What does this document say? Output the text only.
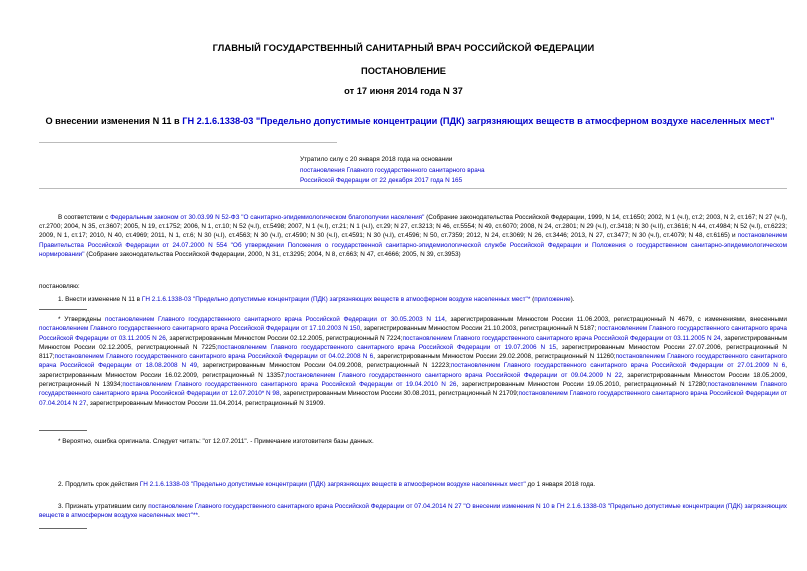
ГЛАВНЫЙ ГОСУДАРСТВЕННЫЙ САНИТАРНЫЙ ВРАЧ РОССИЙСКОЙ ФЕДЕРАЦИИ
ПОСТАНОВЛЕНИЕ
от 17 июня 2014 года N 37
О внесении изменения N 11 в ГН 2.1.6.1338-03 "Предельно допустимые концентрации (ПДК) загрязняющих веществ в атмосферном воздухе населенных мест"
Утратило силу с 20 января 2018 года на основании
постановления Главного государственного санитарного врача
Российской Федерации от 22 декабря 2017 года N 165
В соответствии с Федеральным законом от 30.03.99 N 52-ФЗ "О санитарно-эпидемиологическом благополучии населения" (Собрание законодательства Российской Федерации, 1999, N 14, ст.1650; 2002, N 1 (ч.I), ст.2; 2003, N 2, ст.167; N 27 (ч.I), ст.2700; 2004, N 35, ст.3607; 2005, N 19, ст.1752; 2006, N 1, ст.10; N 52 (ч.I), ст.5498; 2007, N 1 (ч.I), ст.21; N 1 (ч.I), ст.29; N 27, ст.3213; N 46, ст.5554; N 49, ст.6070; 2008, N 24, ст.2801; N 29 (ч.I), ст.3418; N 30 (ч.II), ст.3616; N 44, ст.4984; N 52 (ч.I), ст.6223; 2009, N 1, ст.17; 2010, N 40, ст.4969; 2011, N 1, ст.6; N 30 (ч.I), ст.4563; N 30 (ч.I), ст.4590; N 30 (ч.I), ст.4591; N 30 (ч.I), ст.4596; N 50, ст.7359; 2012, N 24, ст.3069; N 26, ст.3446; 2013, N 27, ст.3477; N 30 (ч.I), ст.4079; N 48, ст.6165) и постановлением Правительства Российской Федерации от 24.07.2000 N 554 "Об утверждении Положения о государственной санитарно-эпидемиологической службе Российской Федерации и Положения о государственном санитарно-эпидемиологическом нормировании" (Собрание законодательства Российской Федерации, 2000, N 31, ст.3295; 2004, N 8, ст.663; N 47, ст.4666; 2005, N 39, ст.3953)
постановляю:
1. Внести изменение N 11 в ГН 2.1.6.1338-03 "Предельно допустимые концентрации (ПДК) загрязняющих веществ в атмосферном воздухе населенных мест"* (приложение).
* Утверждены постановлением Главного государственного санитарного врача Российской Федерации от 30.05.2003 N 114, зарегистрированным Минюстом России 11.06.2003, регистрационный N 4679, с изменениями, внесенными постановлением Главного государственного санитарного врача Российской Федерации от 17.10.2003 N 150, зарегистрированным Минюстом России 21.10.2003, регистрационный N 5187; постановлением Главного государственного санитарного врача Российской Федерации от 03.11.2005 N 26, зарегистрированным Минюстом России 02.12.2005, регистрационный N 7224;постановлением Главного государственного санитарного врача Российской Федерации от 03.11.2005 N 24, зарегистрированным Минюстом России 02.12.2005, регистрационный N 7225;постановлением Главного государственного санитарного врача Российской Федерации от 19.07.2006 N 15, зарегистрированным Минюстом России 27.07.2006, регистрационный N 8117;постановлением Главного государственного санитарного врача Российской Федерации от 04.02.2008 N 6, зарегистрированным Минюстом России 29.02.2008, регистрационный N 11260;постановлением Главного государственного санитарного врача Российской Федерации от 18.08.2008 N 49, зарегистрированным Минюстом России 04.09.2008, регистрационный N 12223;постановлением Главного государственного санитарного врача Российской Федерации от 27.01.2009 N 6, зарегистрированным Минюстом России 16.02.2009, регистрационный N 13357;постановлением Главного государственного санитарного врача Российской Федерации от 09.04.2009 N 22, зарегистрированным Минюстом России 18.05.2009, регистрационный N 13934;постановлением Главного государственного санитарного врача Российской Федерации от 19.04.2010 N 26, зарегистрированным Минюстом России 19.05.2010, регистрационный N 17280;постановлением Главного государственного санитарного врача Российской Федерации от 12.07.2010* N 98, зарегистрированным Минюстом России 30.08.2011, регистрационный N 21709;постановлением Главного государственного санитарного врача Российской Федерации от 07.04.2014 N 27, зарегистрированным Минюстом России 11.04.2014, регистрационный N 31909.
* Вероятно, ошибка оригинала. Следует читать: "от 12.07.2011". - Примечание изготовителя базы данных.
2. Продлить срок действия ГН 2.1.6.1338-03 "Предельно допустимые концентрации (ПДК) загрязняющих веществ в атмосферном воздухе населенных мест" до 1 января 2018 года.
3. Признать утратившим силу постановление Главного государственного санитарного врача Российской Федерации от 07.04.2014 N 27 "О внесении изменения N 10 в ГН 2.1.6.1338-03 "Предельно допустимые концентрации (ПДК) загрязняющих веществ в атмосферном воздухе населенных мест"**.
